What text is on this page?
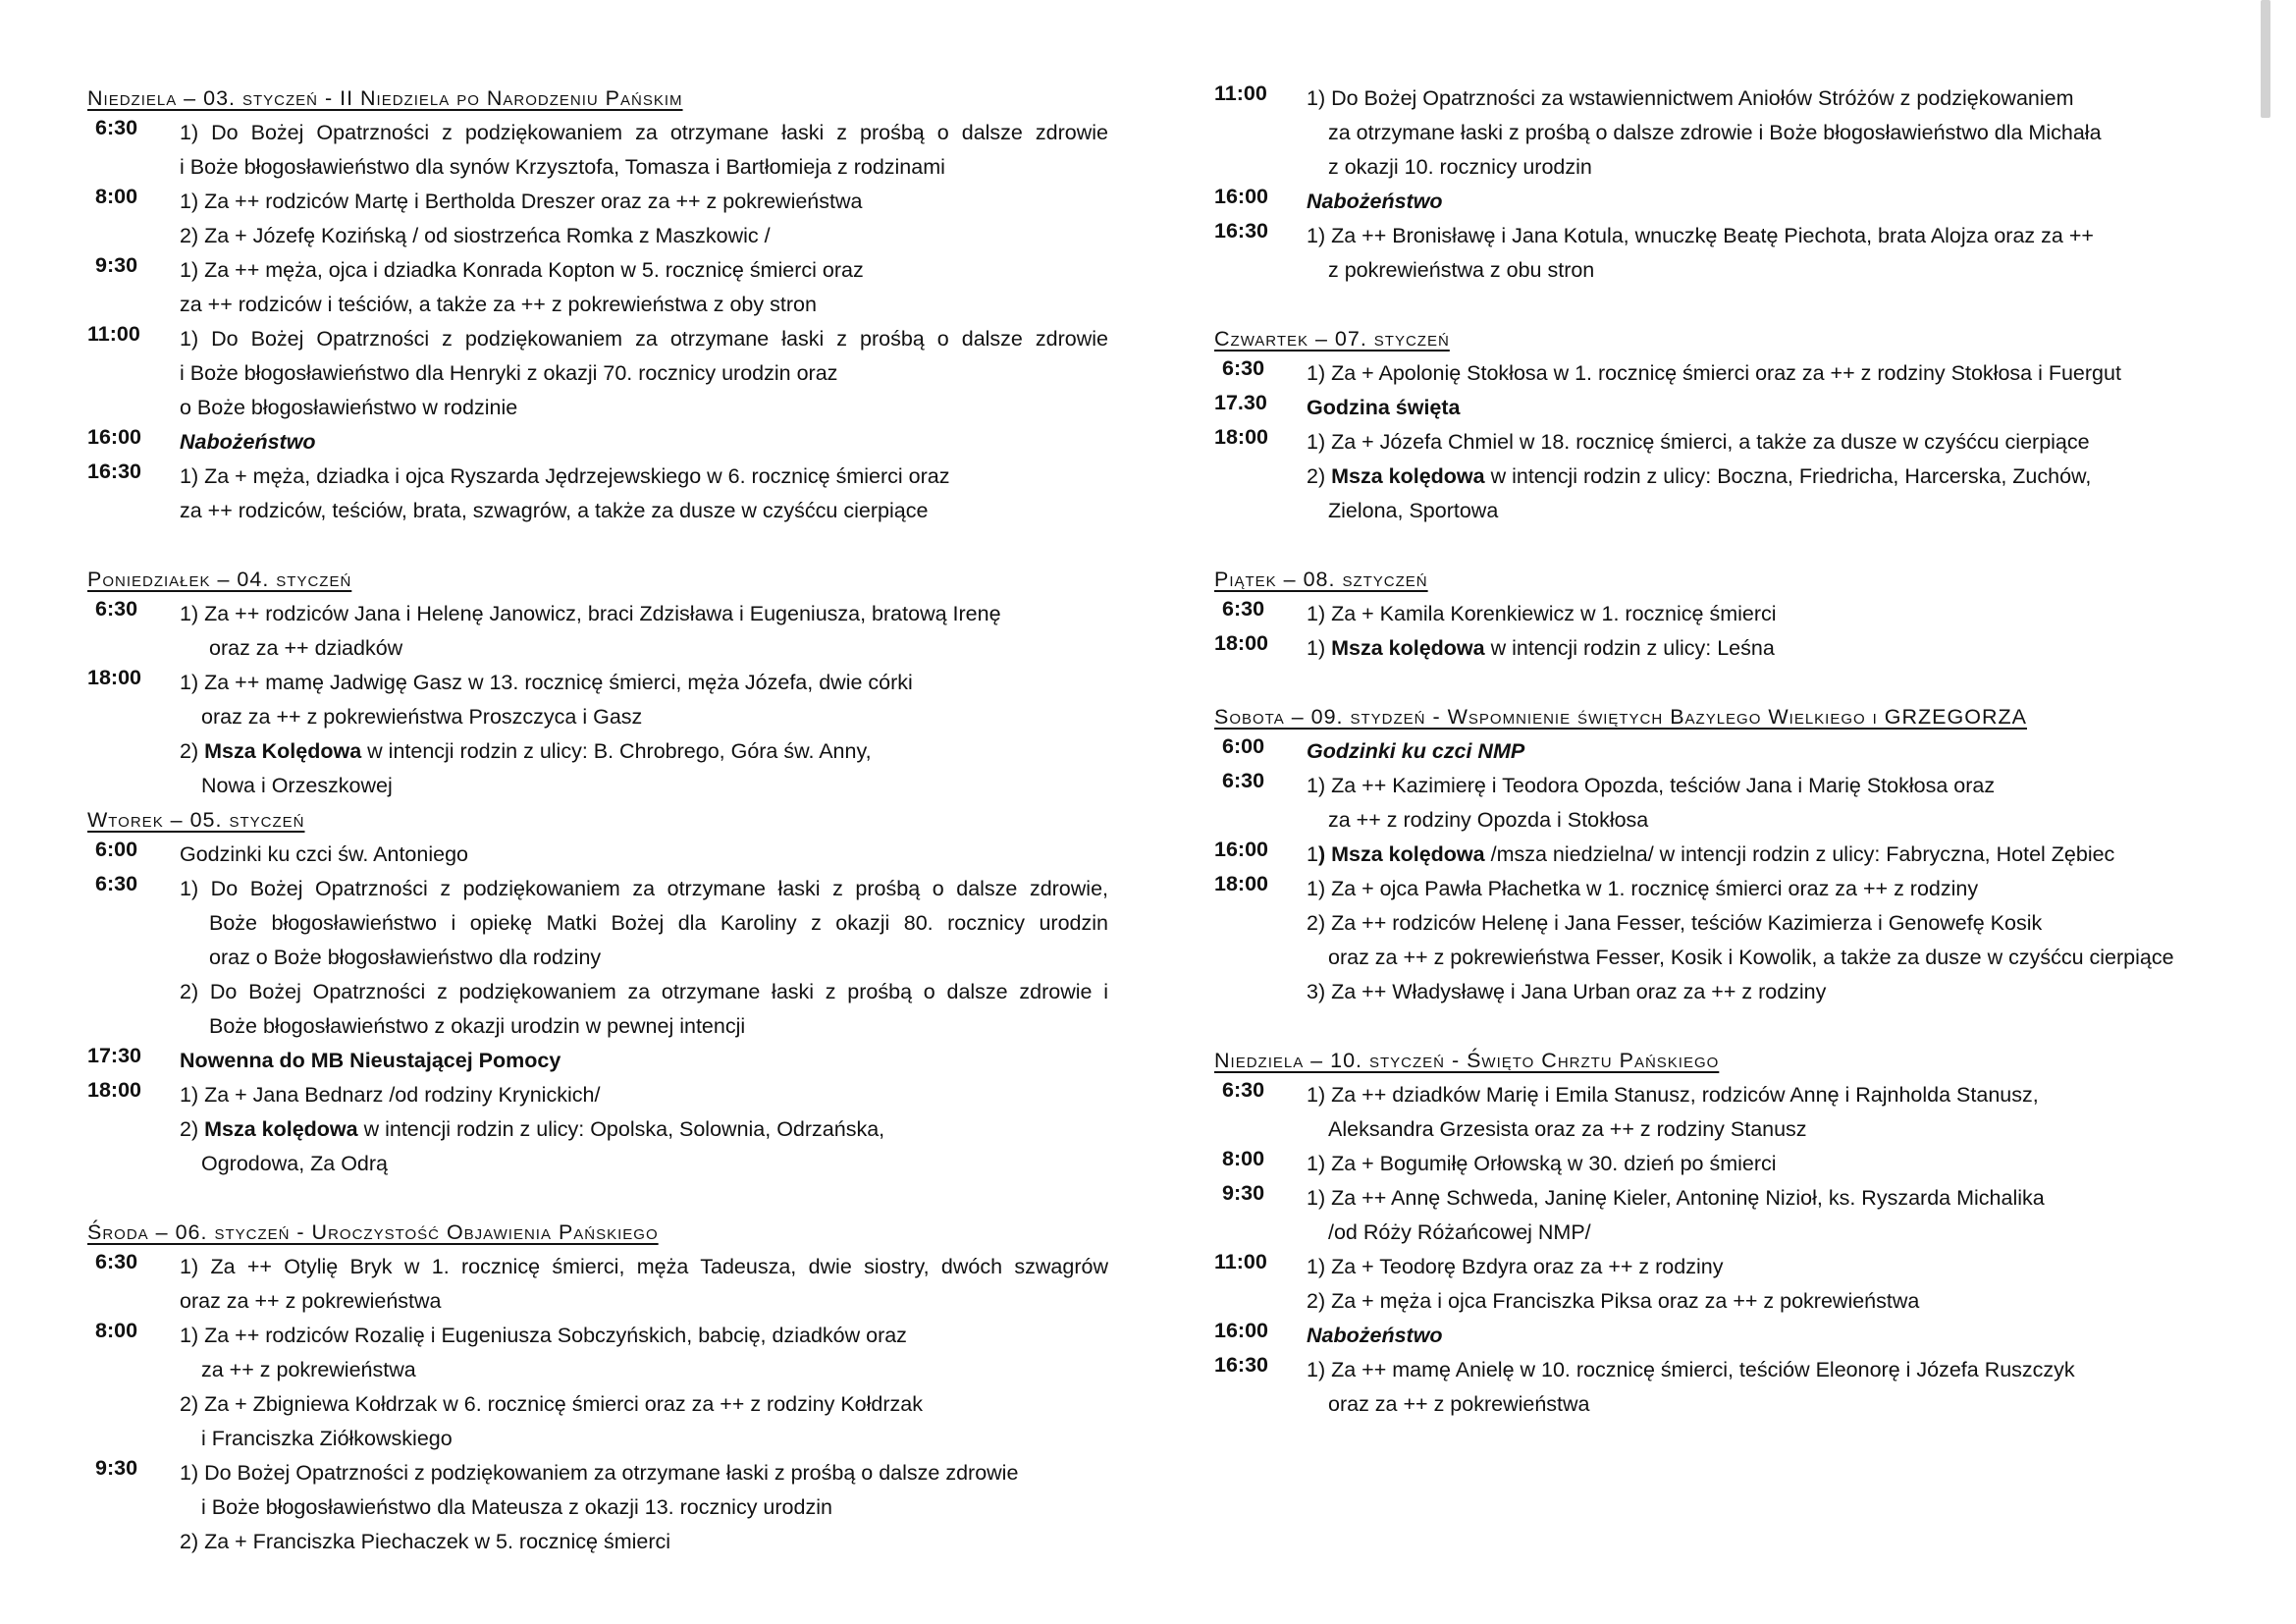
Niedziela – 03. styczeń - II Niedziela po Narodzeniu Pańskim
6:30	1) Do Bożej Opatrzności z podziękowaniem za otrzymane łaski z prośbą o dalsze zdrowie
i Boże błogosławieństwo dla synów Krzysztofa, Tomasza i Bartłomieja z rodzinami
8:00	1) Za ++ rodziców Martę i Bertholda Dreszer oraz za ++ z pokrewieństwa
2) Za + Józefę Kozińską / od siostrzeńca Romka z Maszkowic /
9:30	1) Za ++ męża, ojca i dziadka Konrada Kopton w 5. rocznicę śmierci oraz
za ++ rodziców i teściów, a także za ++ z pokrewieństwa z oby stron
11:00	1) Do Bożej Opatrzności z podziękowaniem za otrzymane łaski z prośbą o dalsze zdrowie
i Boże błogosławieństwo dla Henryki z okazji 70. rocznicy urodzin oraz
o Boże błogosławieństwo w rodzinie
16:00	Nabożeństwo
16:30	1) Za + męża, dziadka i ojca Ryszarda Jędrzejewskiego w 6. rocznicę śmierci oraz
za ++ rodziców, teściów, brata, szwagrów, a także za dusze w czyśćcu cierpiące
Poniedziałek – 04. styczeń
6:30	1) Za ++ rodziców Jana i Helenę Janowicz, braci Zdzisława i Eugeniusza, bratową Irenę
oraz za ++ dziadków
18:00	1) Za ++ mamę Jadwigę Gasz w 13. rocznicę śmierci, męża Józefa, dwie córki
oraz za ++ z pokrewieństwa Proszczyca i Gasz
2) Msza Kolędowa w intencji rodzin z ulicy: B. Chrobrego, Góra św. Anny,
Nowa i Orzeszkowej
Wtorek – 05. styczeń
6:00	Godzinki ku czci św. Antoniego
6:30	1) Do Bożej Opatrzności z podziękowaniem za otrzymane łaski z prośbą o dalsze zdrowie,
Boże błogosławieństwo i opiekę Matki Bożej dla Karoliny z okazji 80. rocznicy urodzin
oraz o Boże błogosławieństwo dla rodziny
2) Do Bożej Opatrzności z podziękowaniem za otrzymane łaski z prośbą o dalsze zdrowie i
Boże błogosławieństwo z okazji urodzin w pewnej intencji
17:30	Nowenna do MB Nieustającej Pomocy
18:00	1) Za + Jana Bednarz /od rodziny Krynickich/
2) Msza kolędowa w intencji rodzin z ulicy: Opolska, Solownia, Odrzańska,
Ogrodowa, Za Odrą
Środa – 06. styczeń - Uroczystość Objawienia Pańskiego
6:30	1) Za ++ Otylię Bryk w 1. rocznicę śmierci, męża Tadeusza, dwie siostry, dwóch szwagrów
oraz za ++ z pokrewieństwa
8:00	1) Za ++ rodziców Rozalię i Eugeniusza Sobczyńskich, babcię, dziadków oraz
za ++ z pokrewieństwa
2) Za + Zbigniewa Kołdrzak w 6. rocznicę śmierci oraz za ++ z rodziny Kołdrzak
i Franciszka Ziółkowskiego
9:30	1) Do Bożej Opatrzności z podziękowaniem za otrzymane łaski z prośbą o dalsze zdrowie
i Boże błogosławieństwo dla Mateusza z okazji 13. rocznicy urodzin
2) Za + Franciszka Piechaczek w 5. rocznicę śmierci
11:00	1) Do Bożej Opatrzności za wstawiennictwem Aniołów Stróżów z podziękowaniem
za otrzymane łaski z prośbą o dalsze zdrowie i Boże błogosławieństwo dla Michała
z okazji 10. rocznicy urodzin
16:00	Nabożeństwo
16:30	1) Za ++ Bronisławę i Jana Kotula, wnuczkę Beatę Piechota, brata Alojza oraz za ++
z pokrewieństwa z obu stron
Czwartek – 07. styczeń
6:30	1) Za + Apolonię Stokłosa w 1. rocznicę śmierci oraz za ++ z rodziny Stokłosa i Fuergut
17.30	Godzina święta
18:00	1) Za + Józefa Chmiel w 18. rocznicę śmierci, a także za dusze w czyśćcu cierpiące
2) Msza kolędowa w intencji rodzin z ulicy: Boczna, Friedricha, Harcerska, Zuchów,
Zielona, Sportowa
Piątek – 08. sztyczeń
6:30	1) Za + Kamila Korenkiewicz w 1. rocznicę śmierci
18:00	1) Msza kolędowa w intencji rodzin z ulicy: Leśna
Sobota – 09. stydzeń - Wspomnienie świętych Bazylego Wielkiego i GRZEGORZA
6:00	Godzinki ku czci NMP
6:30	1) Za ++ Kazimierę i Teodora Opozda, teściów Jana i Marię Stokłosa oraz
za ++ z rodziny Opozda i Stokłosa
16:00	1) Msza kolędowa /msza niedzielna/ w intencji rodzin z ulicy: Fabryczna, Hotel Zębiec
18:00	1) Za + ojca Pawła Płachetka w 1. rocznicę śmierci oraz za ++ z rodziny
2) Za ++ rodziców Helenę i Jana Fesser, teściów Kazimierza i Genowefę Kosik
oraz za ++ z pokrewieństwa Fesser, Kosik i Kowolik, a także za dusze w czyśćcu cierpiące
3) Za ++ Władysławę i Jana Urban oraz za ++ z rodziny
Niedziela – 10. styczeń - Święto Chrztu Pańskiego
6:30	1) Za ++ dziadków Marię i Emila Stanusz, rodziców Annę i Rajnholda Stanusz,
Aleksandra Grzesista oraz za ++ z rodziny Stanusz
8:00	1) Za + Bogumiłę Orłowską w 30. dzień po śmierci
9:30	1) Za ++ Annę Schweda, Janinę Kieler, Antoninę Nizioł, ks. Ryszarda Michalika
/od Róży Różańcowej NMP/
11:00	1) Za + Teodorę Bzdyra oraz za ++ z rodziny
2) Za + męża i ojca Franciszka Piksa oraz za ++ z pokrewieństwa
16:00	Nabożeństwo
16:30	1) Za ++ mamę Anielę w 10. rocznicę śmierci, teściów Eleonorę i Józefa Ruszczyk
oraz za ++ z pokrewieństwa
